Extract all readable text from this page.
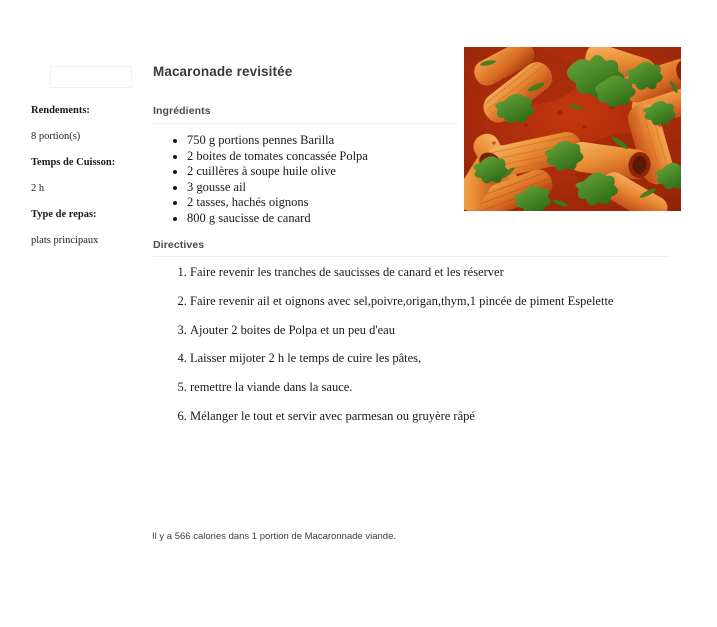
Rendements:
8 portion(s)
Temps de Cuisson:
2 h
Type de repas:
plats principaux
Macaronade revisitée
Ingrédients
• 750 g portions pennes Barilla
• 2 boites de tomates concassée Polpa
• 2 cuillères à soupe huile olive
• 3 gousse ail
• 2 tasses, hachés oignons
• 800 g saucisse de canard
Directives
1. Faire revenir les tranches de saucisses de canard et les réserver
2. Faire revenir ail et oignons avec sel,poivre,origan,thym,1 pincée de piment Espelette
3. Ajouter 2 boites de Polpa et un peu d'eau
4. Laisser mijoter 2 h le temps de cuire les pâtes,
5. remettre la viande dans la sauce.
6. Mélanger le tout et servir avec parmesan ou gruyère râpé
Il y a 566 calories dans 1 portion de Macaronnade viande.
